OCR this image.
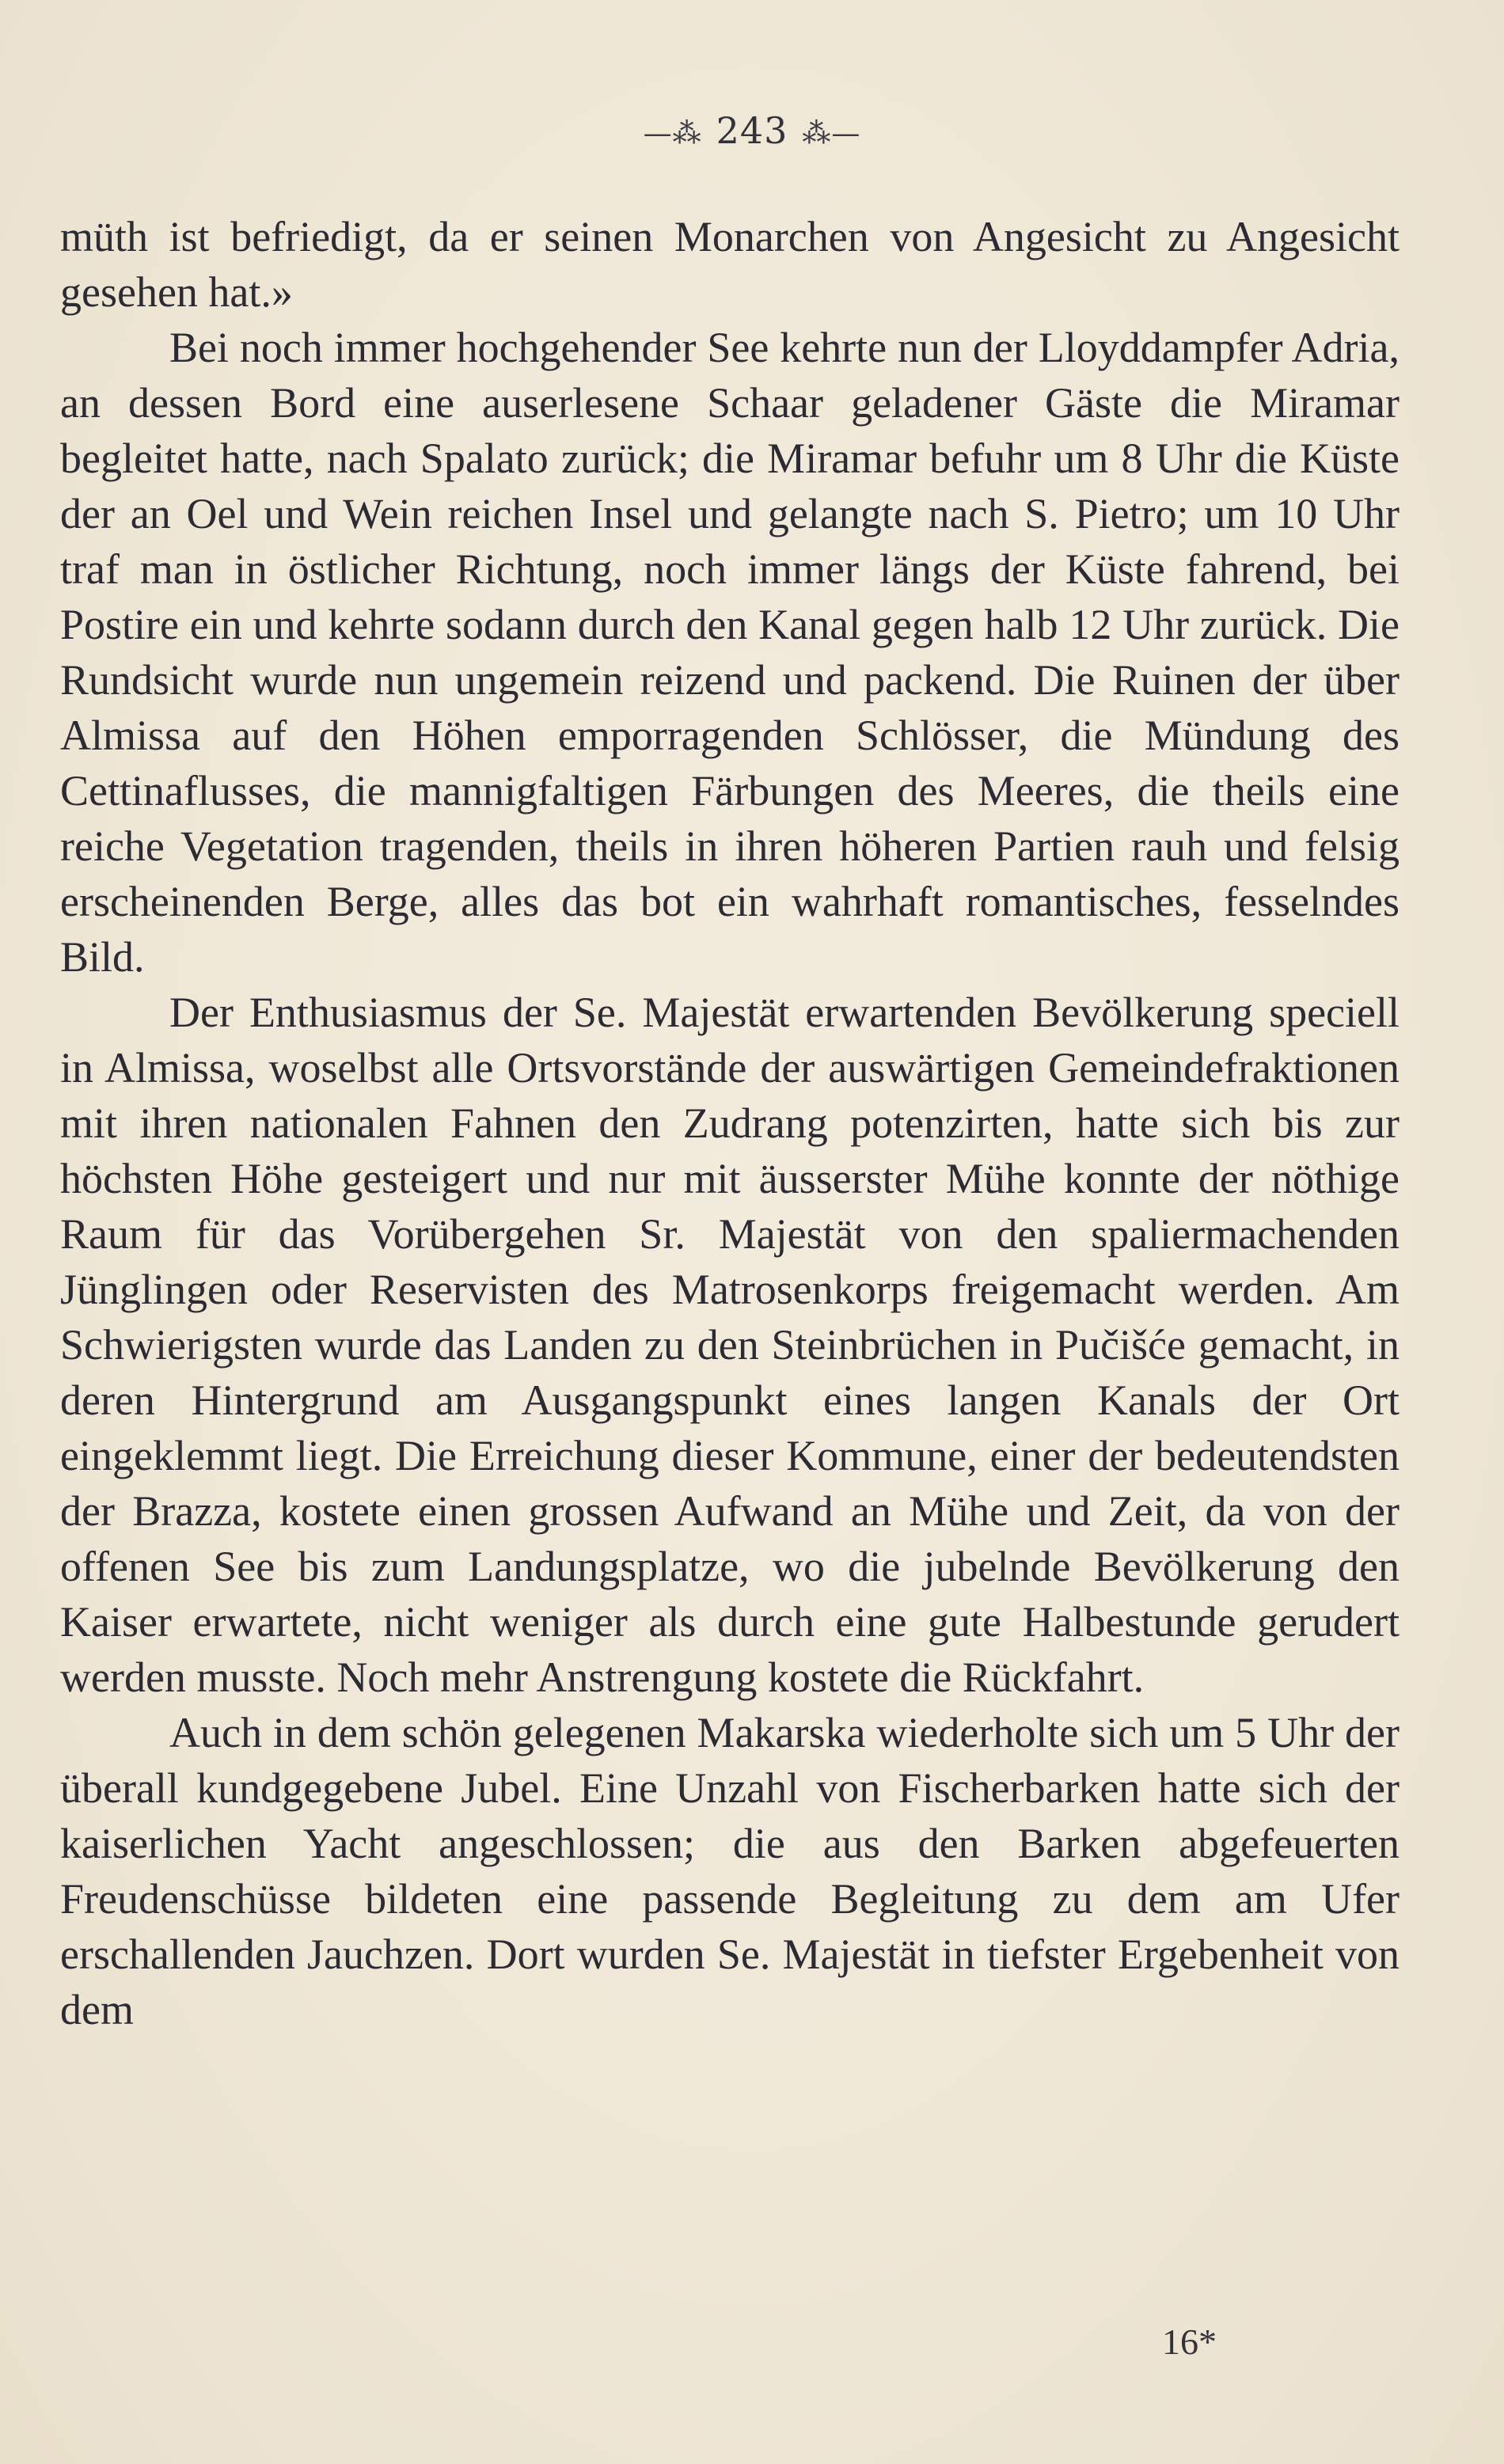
—⁂ 243 ⁂—

müth ist befriedigt, da er seinen Monarchen von Angesicht zu Angesicht gesehen hat.»

Bei noch immer hochgehender See kehrte nun der Lloyddampfer Adria, an dessen Bord eine auserlesene Schaar geladener Gäste die Miramar begleitet hatte, nach Spalato zurück; die Miramar befuhr um 8 Uhr die Küste der an Oel und Wein reichen Insel und gelangte nach S. Pietro; um 10 Uhr traf man in östlicher Richtung, noch immer längs der Küste fahrend, bei Postire ein und kehrte sodann durch den Kanal gegen halb 12 Uhr zurück. Die Rundsicht wurde nun ungemein reizend und packend. Die Ruinen der über Almissa auf den Höhen emporragenden Schlösser, die Mündung des Cettinaflusses, die mannigfaltigen Färbungen des Meeres, die theils eine reiche Vegetation tragenden, theils in ihren höheren Partien rauh und felsig erscheinenden Berge, alles das bot ein wahrhaft romantisches, fesselndes Bild.

Der Enthusiasmus der Se. Majestät erwartenden Bevölkerung speciell in Almissa, woselbst alle Ortsvorstände der auswärtigen Gemeindefraktionen mit ihren nationalen Fahnen den Zudrang potenzirten, hatte sich bis zur höchsten Höhe gesteigert und nur mit äusserster Mühe konnte der nöthige Raum für das Vorübergehen Sr. Majestät von den spaliermachenden Jünglingen oder Reservisten des Matrosenkorps freigemacht werden. Am Schwierigsten wurde das Landen zu den Steinbrüchen in Pučišće gemacht, in deren Hintergrund am Ausgangspunkt eines langen Kanals der Ort eingeklemmt liegt. Die Erreichung dieser Kommune, einer der bedeutendsten der Brazza, kostete einen grossen Aufwand an Mühe und Zeit, da von der offenen See bis zum Landungsplatze, wo die jubelnde Bevölkerung den Kaiser erwartete, nicht weniger als durch eine gute Halbestunde gerudert werden musste. Noch mehr Anstrengung kostete die Rückfahrt.

Auch in dem schön gelegenen Makarska wiederholte sich um 5 Uhr der überall kundgegebene Jubel. Eine Unzahl von Fischerbarken hatte sich der kaiserlichen Yacht angeschlossen; die aus den Barken abgefeuerten Freudenschüsse bildeten eine passende Begleitung zu dem am Ufer erschallenden Jauchzen. Dort wurden Se. Majestät in tiefster Ergebenheit von dem

16*
